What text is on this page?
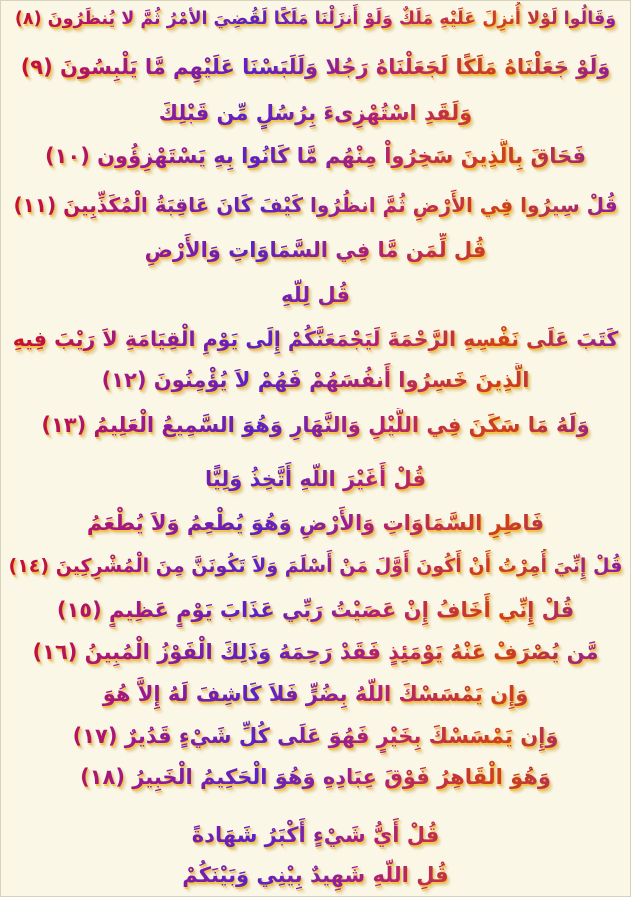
وَقَالُوا لَوْلا أُنزِلَ عَلَيْهِ مَلَكٌ وَلَوْ أَنزَلْنَا مَلَكًا لَقُضِيَ الأمْرُ ثُمَّ لا يُنظَرُونَ (٨)
وَلَوْ جَعَلْنَاهُ مَلَكًا لَجَعَلْنَاهُ رَجُلا وَلَلَبَسْنَا عَلَيْهِم مَّا يَلْبِسُونَ (٩)
وَلَقَدِ اسْتُهْزِىءَ بِرُسُلٍ مِّن قَبْلِكَ
فَحَاقَ بِالَّذِينَ سَخِرُواْ مِنْهُم مَّا كَانُوا بِهِ يَسْتَهْزِؤُون (١٠)
قُلْ سِيرُوا فِي الأَرْضِ ثُمَّ انظُرُوا كَيْفَ كَانَ عَاقِبَةُ الْمُكَذِّبِينَ (١١)
قُل لِّمَن مَّا فِي السَّمَاوَاتِ وَالأَرْضِ
قُل لِلّهِ
كَتَبَ عَلَى نَفْسِهِ الرَّحْمَةَ لَيَجْمَعَنَّكُمْ إِلَى يَوْمِ الْقِيَامَةِ لاَ رَيْبَ فِيهِ
الَّذِينَ خَسِرُوا أَنفُسَهُمْ فَهُمْ لاَ يُؤْمِنُونَ (١٢)
وَلَهُ مَا سَكَنَ فِي اللَّيْلِ وَالنَّهَارِ وَهُوَ السَّمِيعُ الْعَلِيمُ (١٣)
قُلْ أَغَيْرَ اللّهِ أَتَّخِذُ وَلِيًّا
فَاطِرِ السَّمَاوَاتِ وَالأَرْضِ وَهُوَ يُطْعِمُ وَلاَ يُطْعَمُ
قُلْ إِنِّيَ أُمِرْتُ أَنْ أَكُونَ أَوَّلَ مَنْ أَسْلَمَ وَلاَ تَكُونَنَّ مِنَ الْمُشْرِكِينَ (١٤)
قُلْ إِنِّي أَخَافُ إِنْ عَصَيْتُ رَبِّي عَذَابَ يَوْمٍ عَظِيمٍ (١٥)
مَّن يُصْرَفْ عَنْهُ يَوْمَئِذٍ فَقَدْ رَحِمَهُ وَذَلِكَ الْفَوْزُ الْمُبِينُ (١٦)
وَإِن يَمْسَسْكَ اللّهُ بِضُرٍّ فَلاَ كَاشِفَ لَهُ إِلاَّ هُوَ
وَإِن يَمْسَسْكَ بِخَيْرٍ فَهُوَ عَلَى كُلِّ شَيْءٍ قَدُيرٌ (١٧)
وَهُوَ الْقَاهِرُ فَوْقَ عِبَادِهِ وَهُوَ الْحَكِيمُ الْخَبِيرُ (١٨)
قُلْ أَيُّ شَيْءٍ أَكْبَرُ شَهَادةً
قُلِ اللّهِ شَهِيدٌ بِيْنِي وَبَيْنَكُمْ
